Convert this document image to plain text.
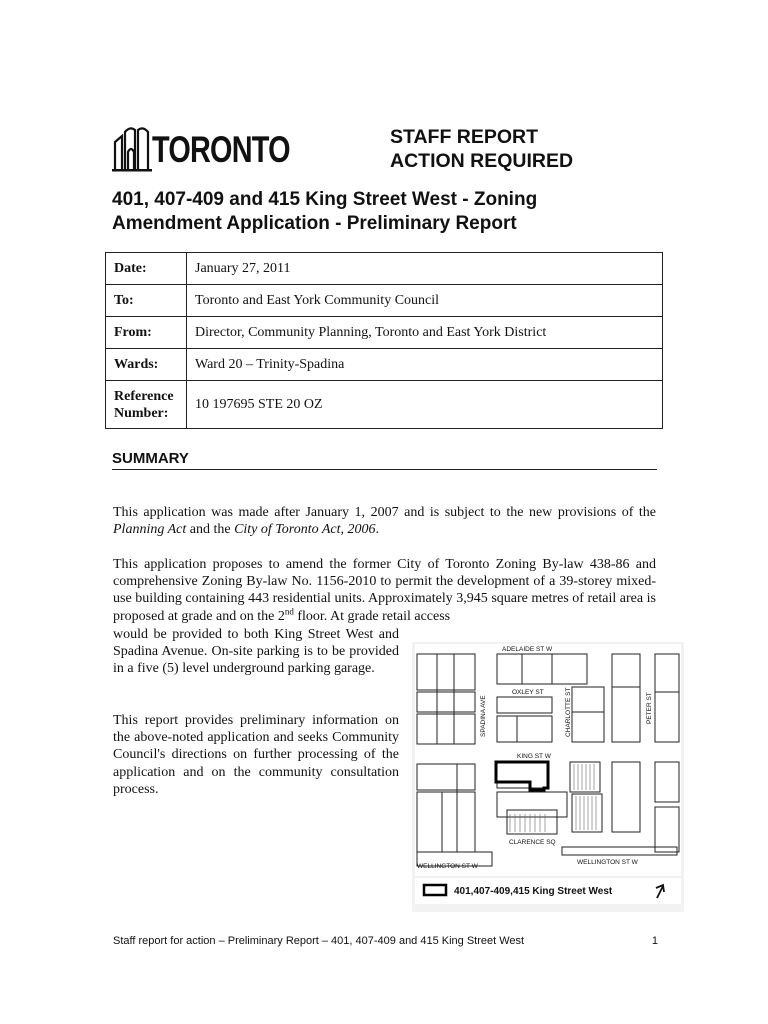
TORONTO	STAFF REPORT
ACTION REQUIRED
401, 407-409 and 415 King Street West - Zoning
Amendment Application - Preliminary Report
Date:	January 27, 2011
To:	Toronto and East York Community Council
From:	Director, Community Planning, Toronto and East York District
Wards:	Ward 20 – Trinity-Spadina

Reference
Number:	10 197695 STE 20 OZ
SUMMARY
This application was made after January 1, 2007 and is subject to the new provisions of the Planning Act and the City of Toronto Act, 2006.
This application proposes to amend the former City of Toronto Zoning By-law 438-86 and comprehensive Zoning By-law No. 1156-2010 to permit the development of a 39-storey mixed-use building containing 443 residential units. Approximately 3,945 square metres of retail area is proposed at grade and on the 2nd floor. At grade retail access
would be provided to both King Street West and Spadina Avenue. On-site parking is to be provided in a five (5) level underground parking garage.
This report provides preliminary information on the above-noted application and seeks Community Council's directions on further processing of the application and on the community consultation process.
ADELAIDE ST W
OXLEY ST
KING ST W
CLARENCE SQ
WELLINGTON ST W
WELLINGTON ST W
SPADINA AVE	CHARLOTTE ST	PETER ST
401,407-409,415 King Street West
Staff report for action – Preliminary Report – 401, 407-409 and 415 King Street West	1
